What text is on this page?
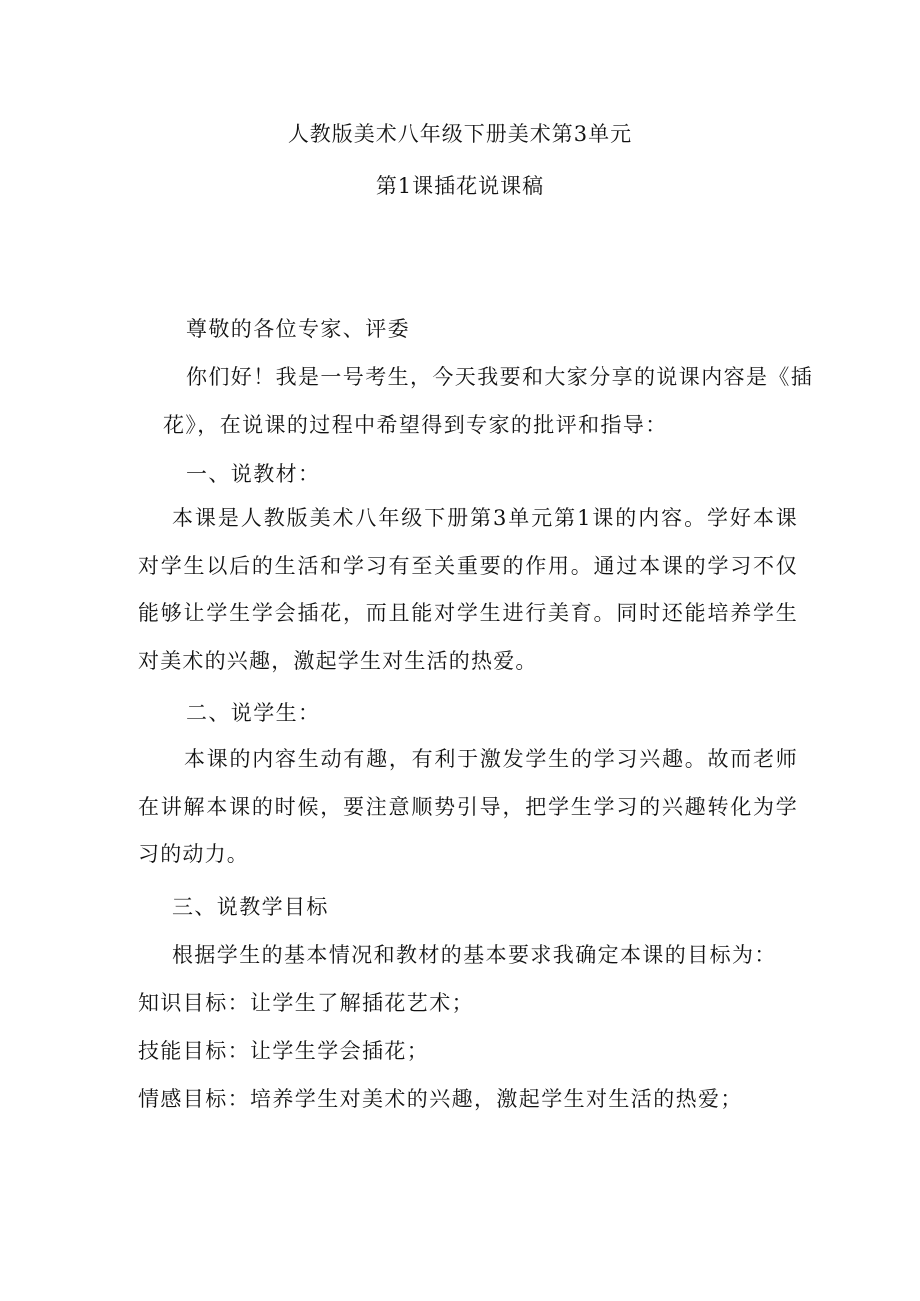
人教版美术八年级下册美术第3单元
第1课插花说课稿
尊敬的各位专家、评委
你们好！我是一号考生，今天我要和大家分享的说课内容是《插
花》，在说课的过程中希望得到专家的批评和指导：
一、说教材：
本课是人教版美术八年级下册第3单元第1课的内容。学好本课对学生以后的生活和学习有至关重要的作用。通过本课的学习不仅能够让学生学会插花，而且能对学生进行美育。同时还能培养学生对美术的兴趣，激起学生对生活的热爱。
二、说学生：
本课的内容生动有趣，有利于激发学生的学习兴趣。故而老师在讲解本课的时候，要注意顺势引导，把学生学习的兴趣转化为学习的动力。
三、说教学目标
根据学生的基本情况和教材的基本要求我确定本课的目标为：
知识目标：让学生了解插花艺术；
技能目标：让学生学会插花；
情感目标：培养学生对美术的兴趣，激起学生对生活的热爱；
